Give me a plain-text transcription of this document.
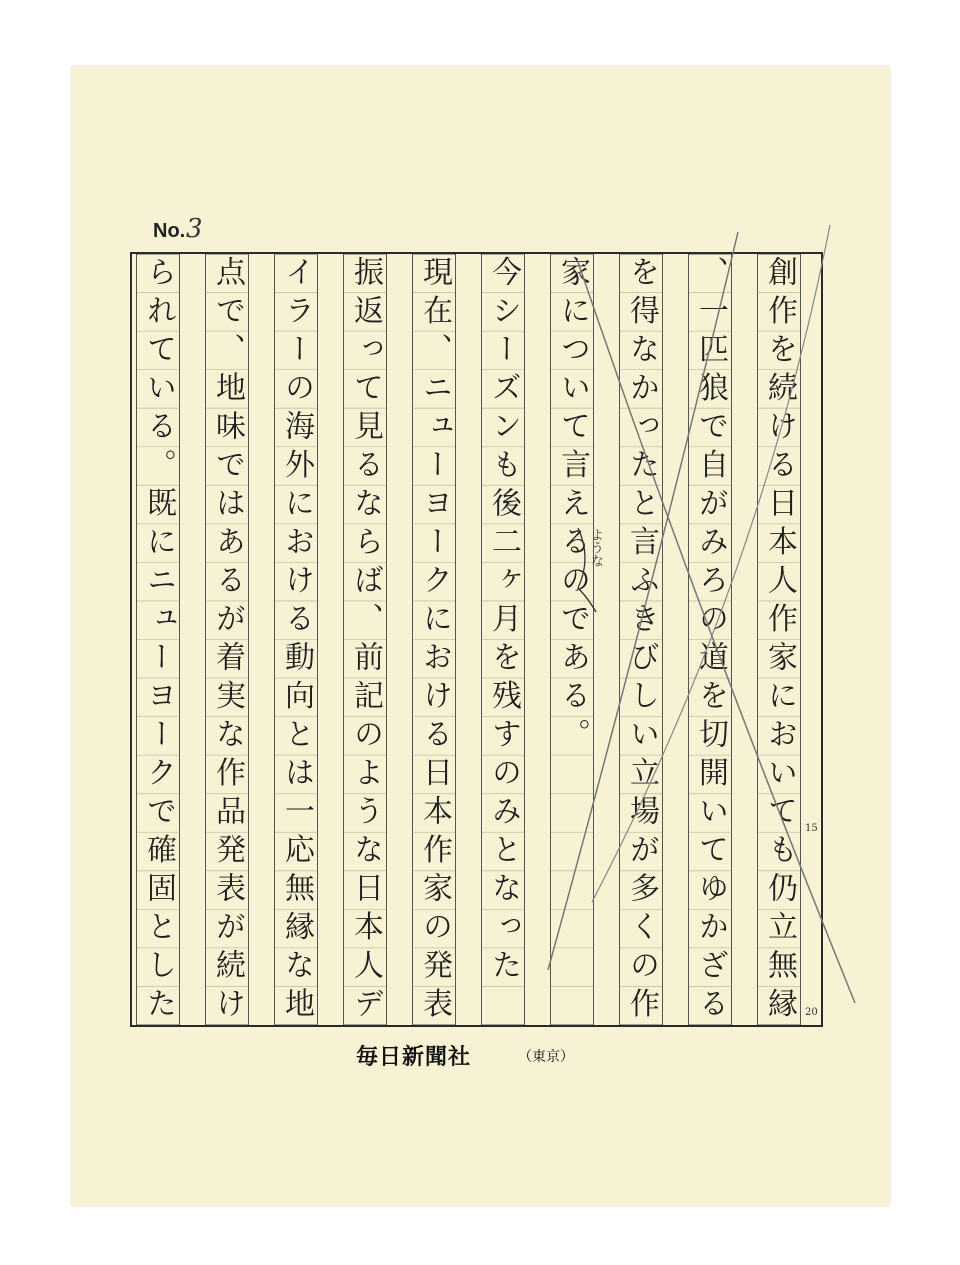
No. 3
創作を続ける日本人作家においても仍立無縁
、一匹狼で自がみろの道を切開いてゆかざる
を得なかったと言ふきびしい立場が多くの作
家について言えるのである。
今シーズンも後二ヶ月を残すのみとなった
現在、ニューヨークにおける日本作家の発表
振返って見るならば、前記のような日本人デ
イラーの海外における動向とは一応無縁な地
点で、地味ではあるが着実な作品発表が続け
られている。既にニューヨークで確固とした	ような
15
20
毎日新聞社	（東京）
